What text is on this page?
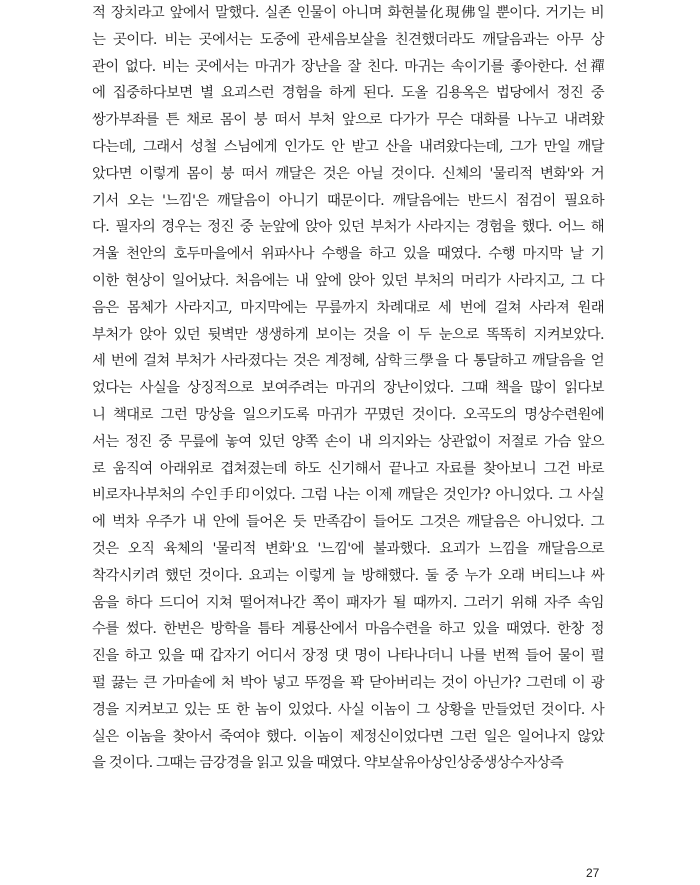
적 장치라고 앞에서 말했다. 실존 인물이 아니며 화현불化現佛일 뿐이다. 거기는 비
는 곳이다. 비는 곳에서는 도중에 관세음보살을 친견했더라도 깨달음과는 아무 상
관이 없다. 비는 곳에서는 마귀가 장난을 잘 친다. 마귀는 속이기를 좋아한다. 선禪
에 집중하다보면 별 요괴스런 경험을 하게 된다. 도올 김용옥은 법당에서 정진 중
쌍가부좌를 튼 채로 몸이 붕 떠서 부처 앞으로 다가가 무슨 대화를 나누고 내려왔
다는데, 그래서 성철 스님에게 인가도 안 받고 산을 내려왔다는데, 그가 만일 깨달
았다면 이렇게 몸이 붕 떠서 깨달은 것은 아닐 것이다. 신체의 '물리적 변화'와 거
기서 오는 '느낌'은 깨달음이 아니기 때문이다. 깨달음에는 반드시 점검이 필요하
다. 필자의 경우는 정진 중 눈앞에 앉아 있던 부처가 사라지는 경험을 했다. 어느 해
겨울 천안의 호두마을에서 위파사나 수행을 하고 있을 때였다. 수행 마지막 날 기
이한 현상이 일어났다. 처음에는 내 앞에 앉아 있던 부처의 머리가 사라지고, 그 다
음은 몸체가 사라지고, 마지막에는 무릎까지 차례대로 세 번에 걸쳐 사라져 원래
부처가 앉아 있던 뒷벽만 생생하게 보이는 것을 이 두 눈으로 똑똑히 지켜보았다.
세 번에 걸쳐 부처가 사라졌다는 것은 계정혜, 삼학三學을 다 통달하고 깨달음을 얻
었다는 사실을 상징적으로 보여주려는 마귀의 장난이었다. 그때 책을 많이 읽다보
니 책대로 그런 망상을 일으키도록 마귀가 꾸몄던 것이다. 오곡도의 명상수련원에
서는 정진 중 무릎에 놓여 있던 양쪽 손이 내 의지와는 상관없이 저절로 가슴 앞으
로 움직여 아래위로 겹쳐졌는데 하도 신기해서 끝나고 자료를 찾아보니 그건 바로
비로자나부처의 수인手印이었다. 그럼 나는 이제 깨달은 것인가? 아니었다. 그 사실
에 벅차 우주가 내 안에 들어온 듯 만족감이 들어도 그것은 깨달음은 아니었다. 그
것은 오직 육체의 '물리적 변화'요 '느낌'에 불과했다. 요괴가 느낌을 깨달음으로
착각시키려 했던 것이다. 요괴는 이렇게 늘 방해했다. 둘 중 누가 오래 버티느냐 싸
움을 하다 드디어 지쳐 떨어져나간 쪽이 패자가 될 때까지. 그러기 위해 자주 속임
수를 썼다. 한번은 방학을 틈타 계룡산에서 마음수련을 하고 있을 때였다. 한창 정
진을 하고 있을 때 갑자기 어디서 장정 댓 명이 나타나더니 나를 번쩍 들어 물이 펄
펄 끓는 큰 가마솥에 처 박아 넣고 뚜껑을 꽉 닫아버리는 것이 아닌가? 그런데 이 광
경을 지켜보고 있는 또 한 놈이 있었다. 사실 이놈이 그 상황을 만들었던 것이다. 사
실은 이놈을 찾아서 죽여야 했다. 이놈이 제정신이었다면 그런 일은 일어나지 않았
을 것이다. 그때는 금강경을 읽고 있을 때였다. 약보살유아상인상중생상수자상즉
27
